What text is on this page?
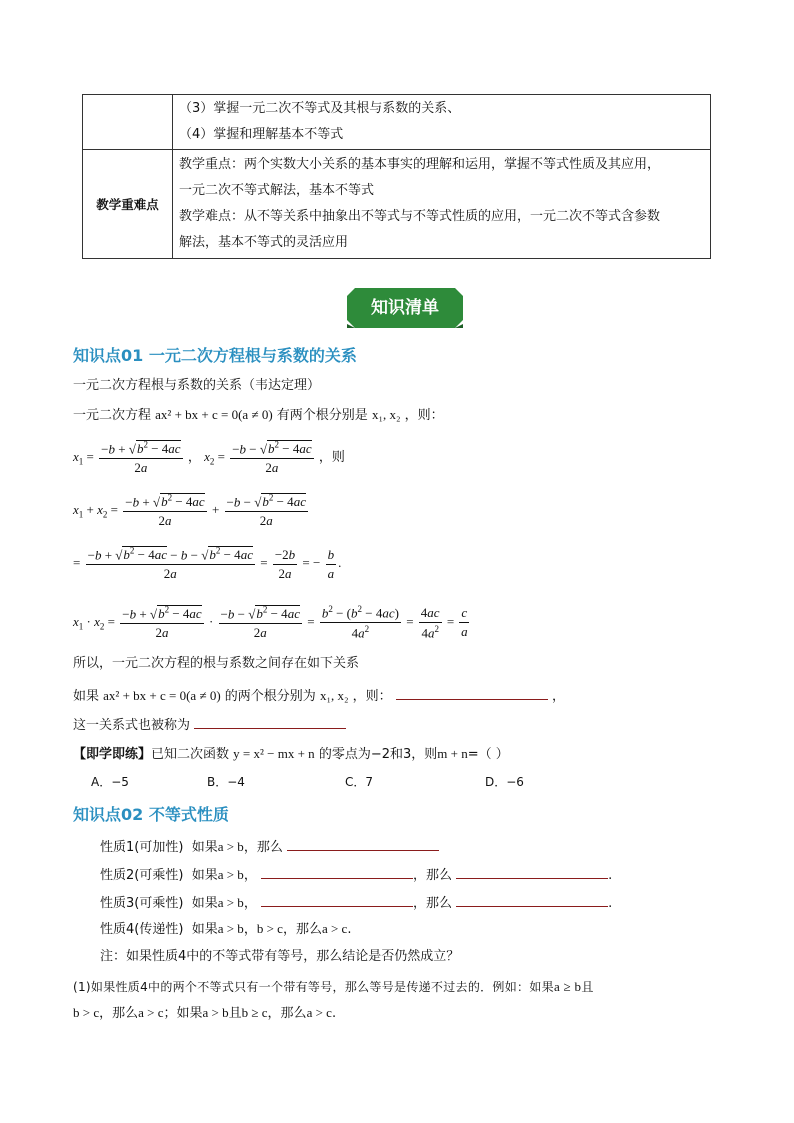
	（3）掌握一元二次不等式及其根与系数的关系、
（4）掌握和理解基本不等式

教学重难点	教学重点：两个实数大小关系的基本事实的理解和运用，掌握不等式性质及其应用，
一元二次不等式解法，基本不等式
教学难点：从不等关系中抽象出不等式与不等式性质的应用，一元二次不等式含参数
解法，基本不等式的灵活应用
知识清单
知识点01 一元二次方程根与系数的关系
一元二次方程根与系数的关系（韦达定理）
一元二次方程 ax² + bx + c = 0(a ≠ 0) 有两个根分别是 x₁, x₂ ，则：
$x_1 = \frac{-b + √b^2 - 4ac}{2a}$ ， $x_2 = \frac{-b - √b^2 - 4ac}{2a}$ ，则
$x_1 + x_2 = \frac{-b + √b^2 - 4ac}{2a} + \frac{-b - √b^2 - 4ac}{2a}$
= $\frac{-b + √b^2 - 4ac - b - √b^2 - 4ac}{2a} = \frac{-2b}{2a}$ = − $\frac{b}{a}$ .
$x_1 \cdot x_2 = \frac{-b + √b^2 - 4ac}{2a} \cdot \frac{-b - √b^2 - 4ac}{2a} = \frac{b^2 - (b^2 - 4ac)}{4a^2} = \frac{4ac}{4a^2} = \frac{c}{a}$
所以，一元二次方程的根与系数之间存在如下关系
如果 ax² + bx + c = 0(a ≠ 0) 的两个根分别为 x₁, x₂ ，则：	，
这一关系式也被称为
【即学即练】已知二次函数 y = x² − mx + n 的零点为−2和3，则m + n=（ ）
A．−5	B．−4	C．7	D．−6
知识点02 不等式性质
性质1(可加性) 如果a > b，那么
性质2(可乘性) 如果a > b，	，那么	.
性质3(可乘性) 如果a > b，	，那么	.
性质4(传递性) 如果a > b，b > c，那么a > c.
注：如果性质4中的不等式带有等号，那么结论是否仍然成立？
(1)如果性质4中的两个不等式只有一个带有等号，那么等号是传递不过去的．例如：如果a ≥ b且
b > c，那么a > c；如果a > b且b ≥ c，那么a > c.
